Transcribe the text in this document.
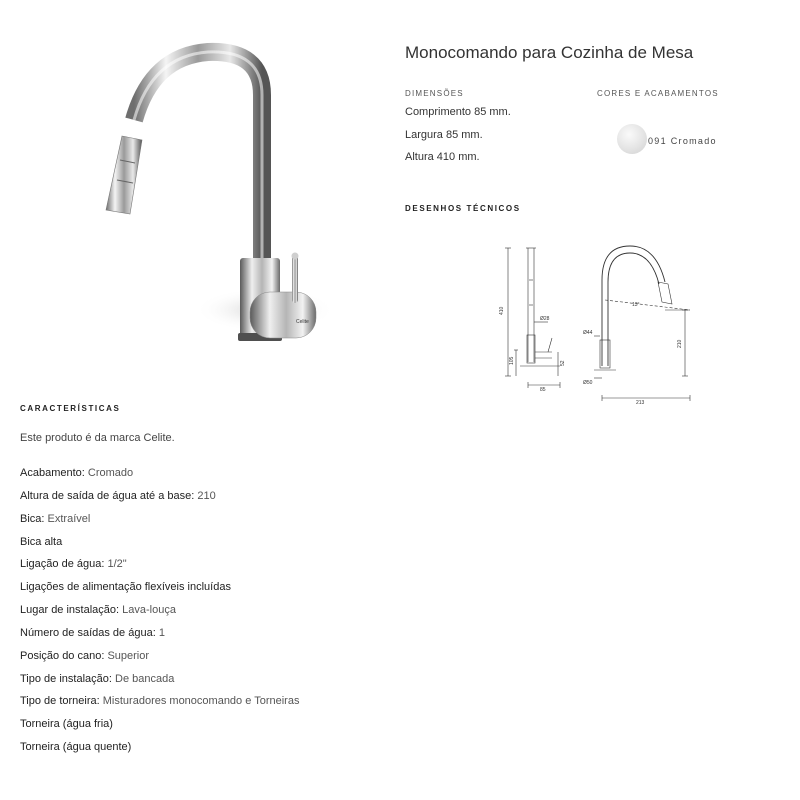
Celite
Monocomando para Cozinha de Mesa
DIMENSÕES
Comprimento 85 mm.
Largura 85 mm.
Altura 410 mm.
CORES E ACABAMENTOS
091 Cromado
DESENHOS TÉCNICOS
410
Ø28
105	52
85
13°
Ø44
Ø50
210
213
CARACTERÍSTICAS
Este produto é da marca Celite.
Acabamento: Cromado
Altura de saída de água até a base: 210
Bica: Extraível
Bica alta
Ligação de água: 1/2"
Ligações de alimentação flexíveis incluídas
Lugar de instalação: Lava-louça
Número de saídas de água: 1
Posição do cano: Superior
Tipo de instalação: De bancada
Tipo de torneira: Misturadores monocomando e Torneiras
Torneira (água fria)
Torneira (água quente)
